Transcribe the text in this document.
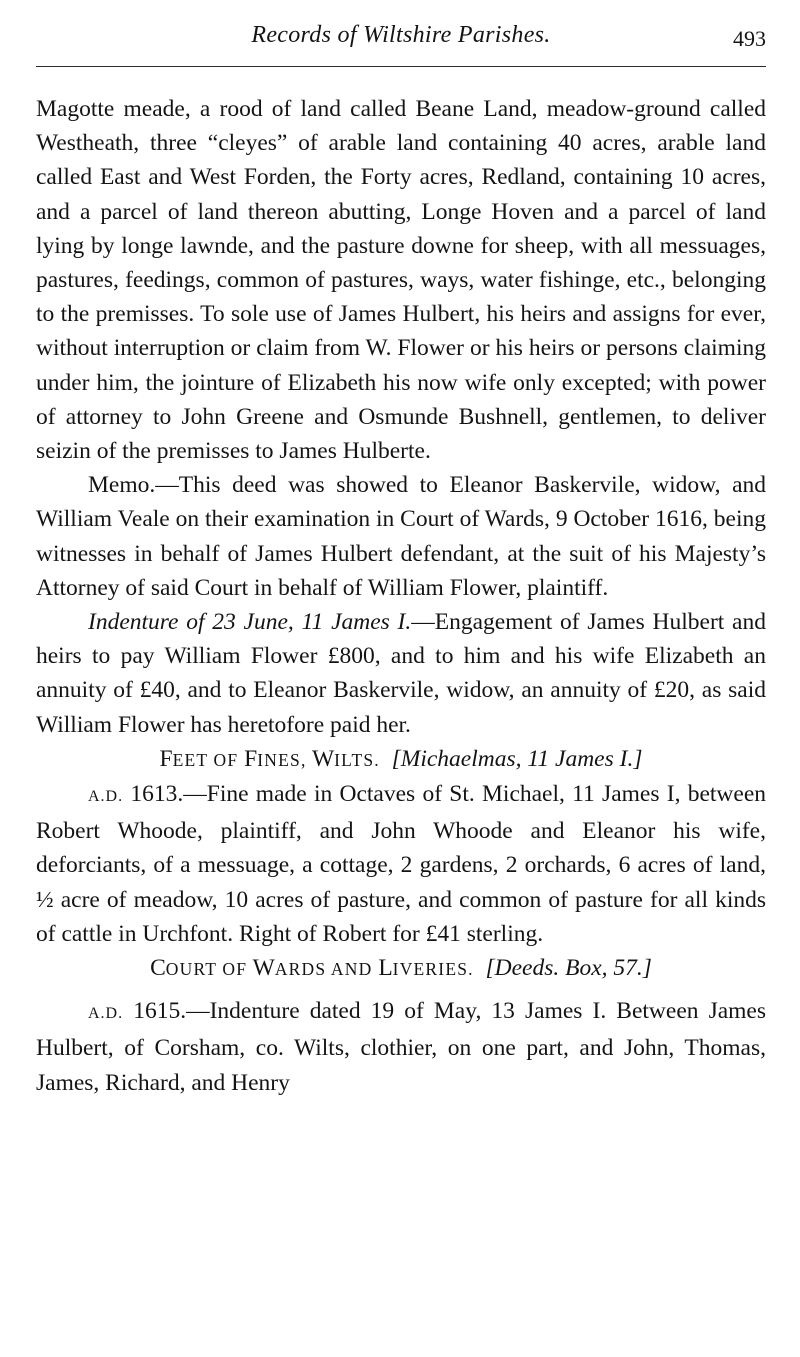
Records of Wiltshire Parishes.	493

Magotte meade, a rood of land called Beane Land, meadow-ground called Westheath, three “cleyes” of arable land containing 40 acres, arable land called East and West Forden, the Forty acres, Redland, containing 10 acres, and a parcel of land thereon abutting, Longe Hoven and a parcel of land lying by longe lawnde, and the pasture downe for sheep, with all messuages, pastures, feedings, common of pastures, ways, water fishinge, etc., belonging to the premisses. To sole use of James Hulbert, his heirs and assigns for ever, without interruption or claim from W. Flower or his heirs or persons claiming under him, the jointure of Elizabeth his now wife only excepted; with power of attorney to John Greene and Osmunde Bushnell, gentlemen, to deliver seizin of the premisses to James Hulberte.

Memo.—This deed was showed to Eleanor Baskervile, widow, and William Veale on their examination in Court of Wards, 9 October 1616, being witnesses in behalf of James Hulbert defendant, at the suit of his Majesty’s Attorney of said Court in behalf of William Flower, plaintiff.

Indenture of 23 June, 11 James I.—Engagement of James Hulbert and heirs to pay William Flower £800, and to him and his wife Elizabeth an annuity of £40, and to Eleanor Baskervile, widow, an annuity of £20, as said William Flower has heretofore paid her.

FEET OF FINES, WILTS. [Michaelmas, 11 James I.]

A.D. 1613.—Fine made in Octaves of St. Michael, 11 James I, between Robert Whoode, plaintiff, and John Whoode and Eleanor his wife, deforciants, of a messuage, a cottage, 2 gardens, 2 orchards, 6 acres of land, ½ acre of meadow, 10 acres of pasture, and common of pasture for all kinds of cattle in Urchfont. Right of Robert for £41 sterling.

COURT OF WARDS AND LIVERIES. [Deeds. Box, 57.]

A.D. 1615.—Indenture dated 19 of May, 13 James I. Between James Hulbert, of Corsham, co. Wilts, clothier, on one part, and John, Thomas, James, Richard, and Henry
